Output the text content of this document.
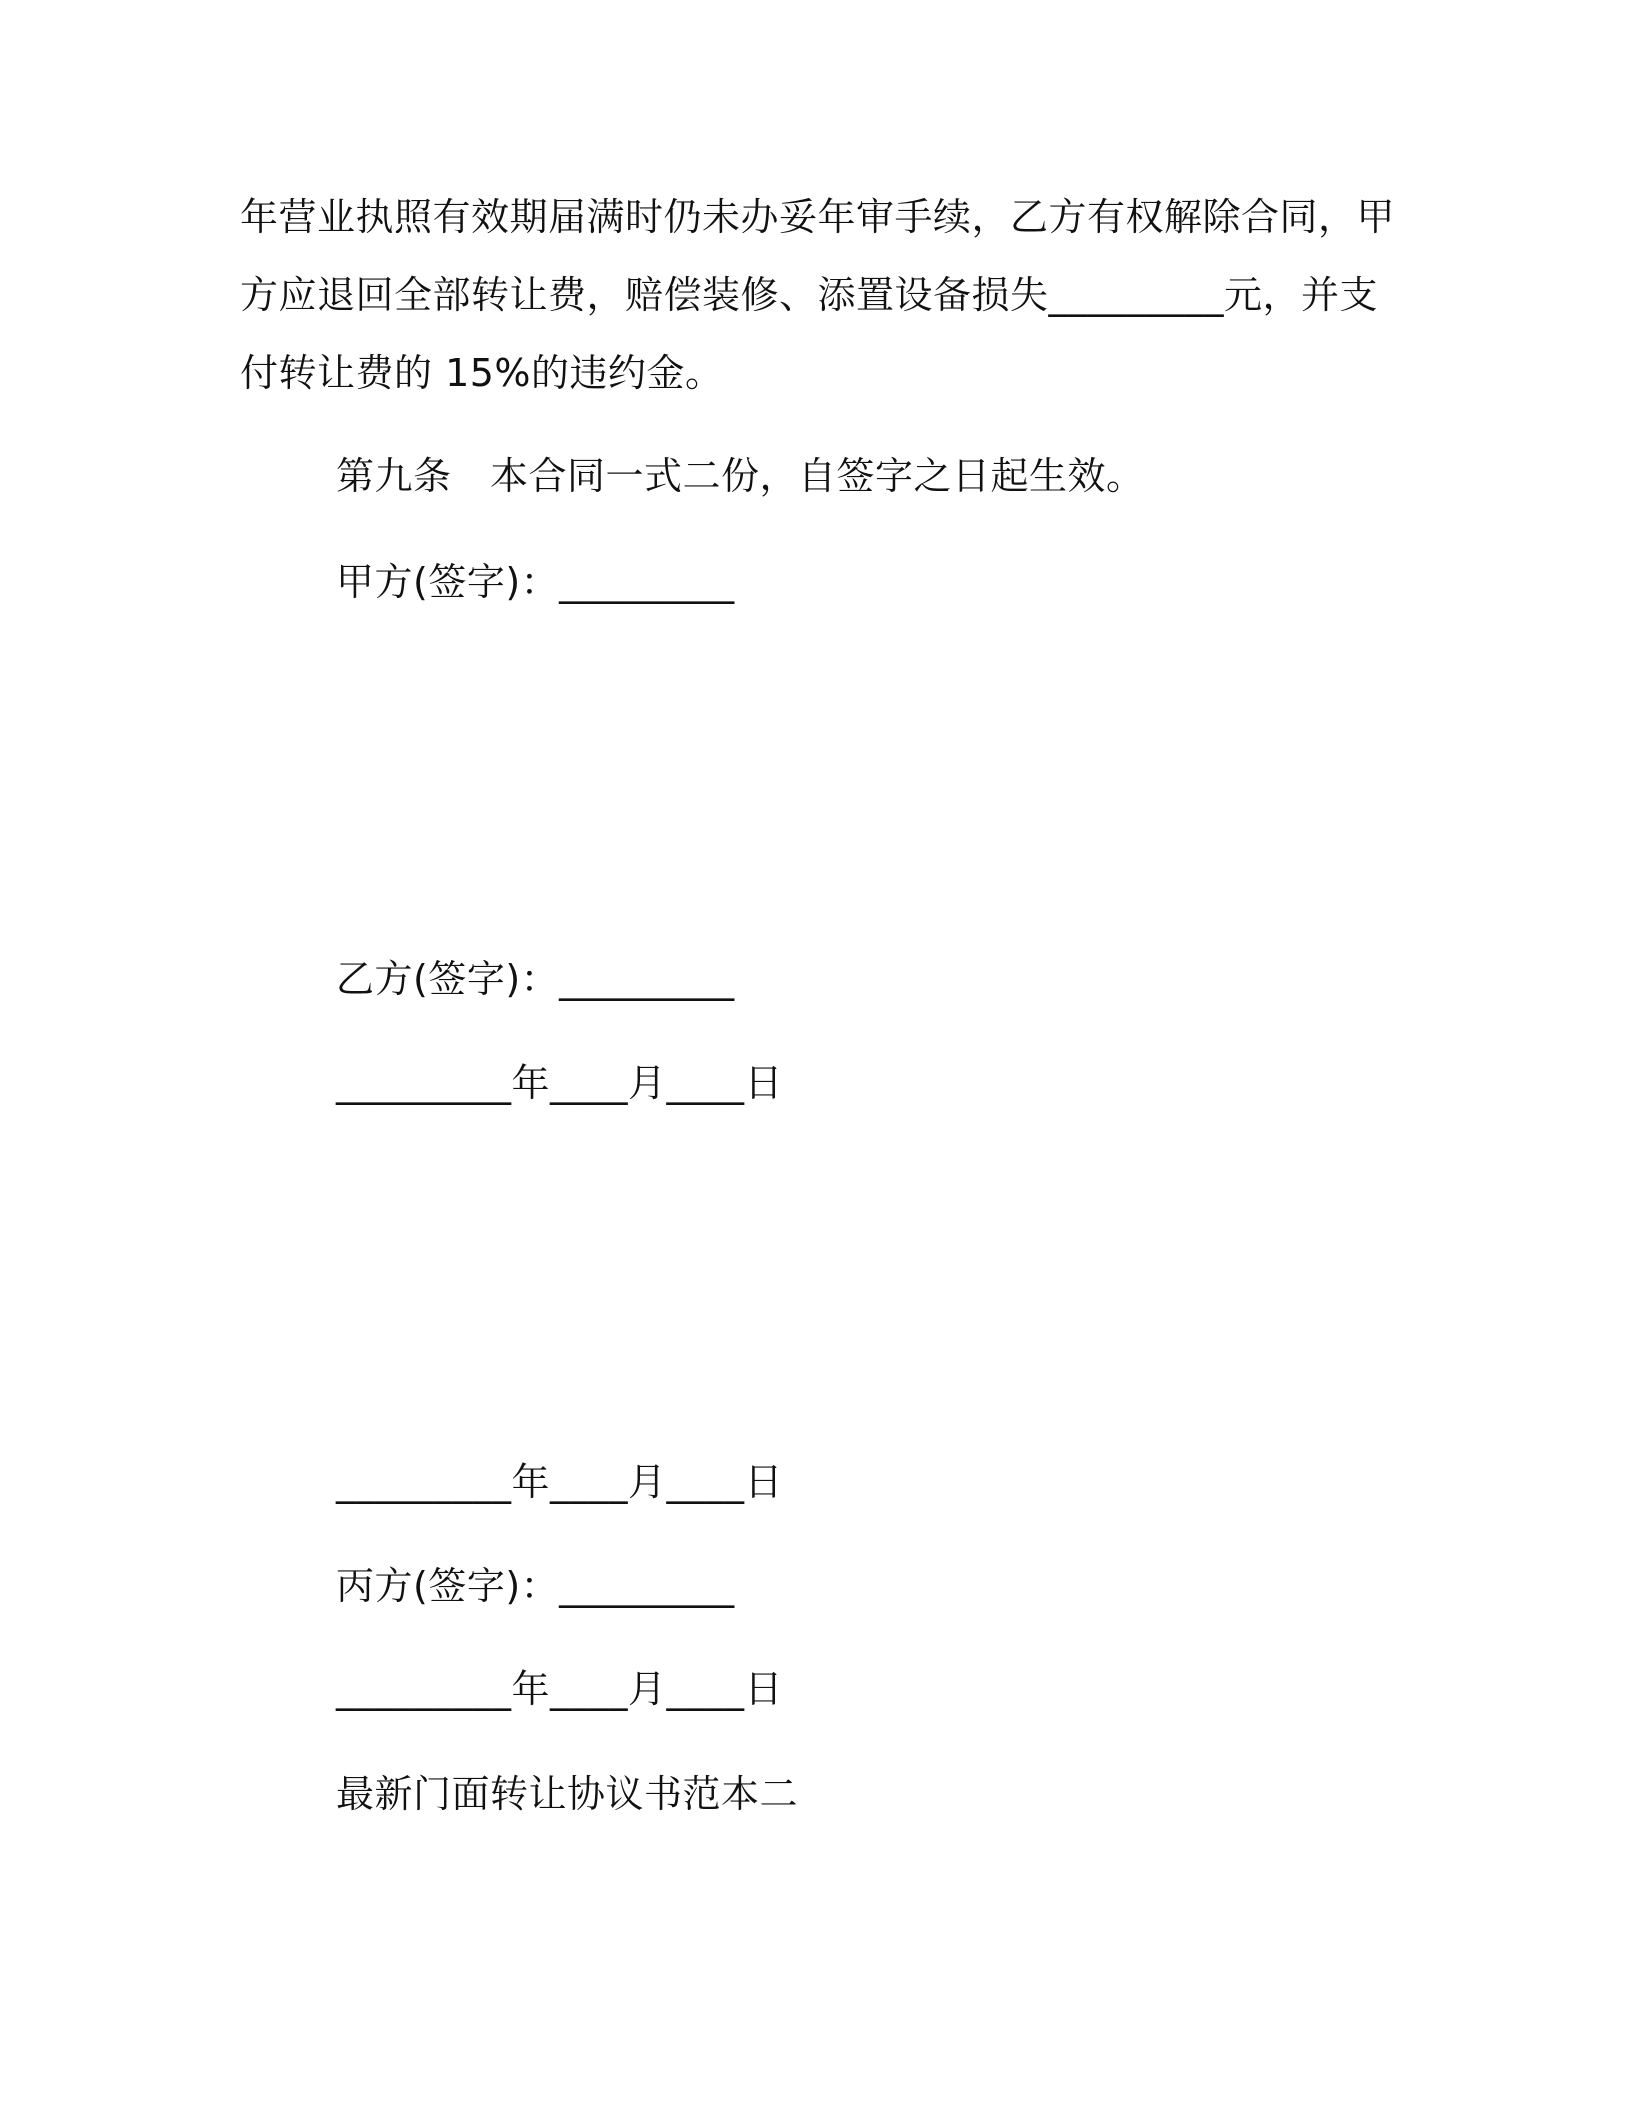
年营业执照有效期届满时仍未办妥年审手续，乙方有权解除合同，甲
方应退回全部转让费，赔偿装修、添置设备损失_________元，并支
付转让费的 15%的违约金。
第九条　本合同一式二份，自签字之日起生效。
甲方(签字)：_________
乙方(签字)：_________
_________年____月____日
_________年____月____日
丙方(签字)：_________
_________年____月____日
最新门面转让协议书范本二
